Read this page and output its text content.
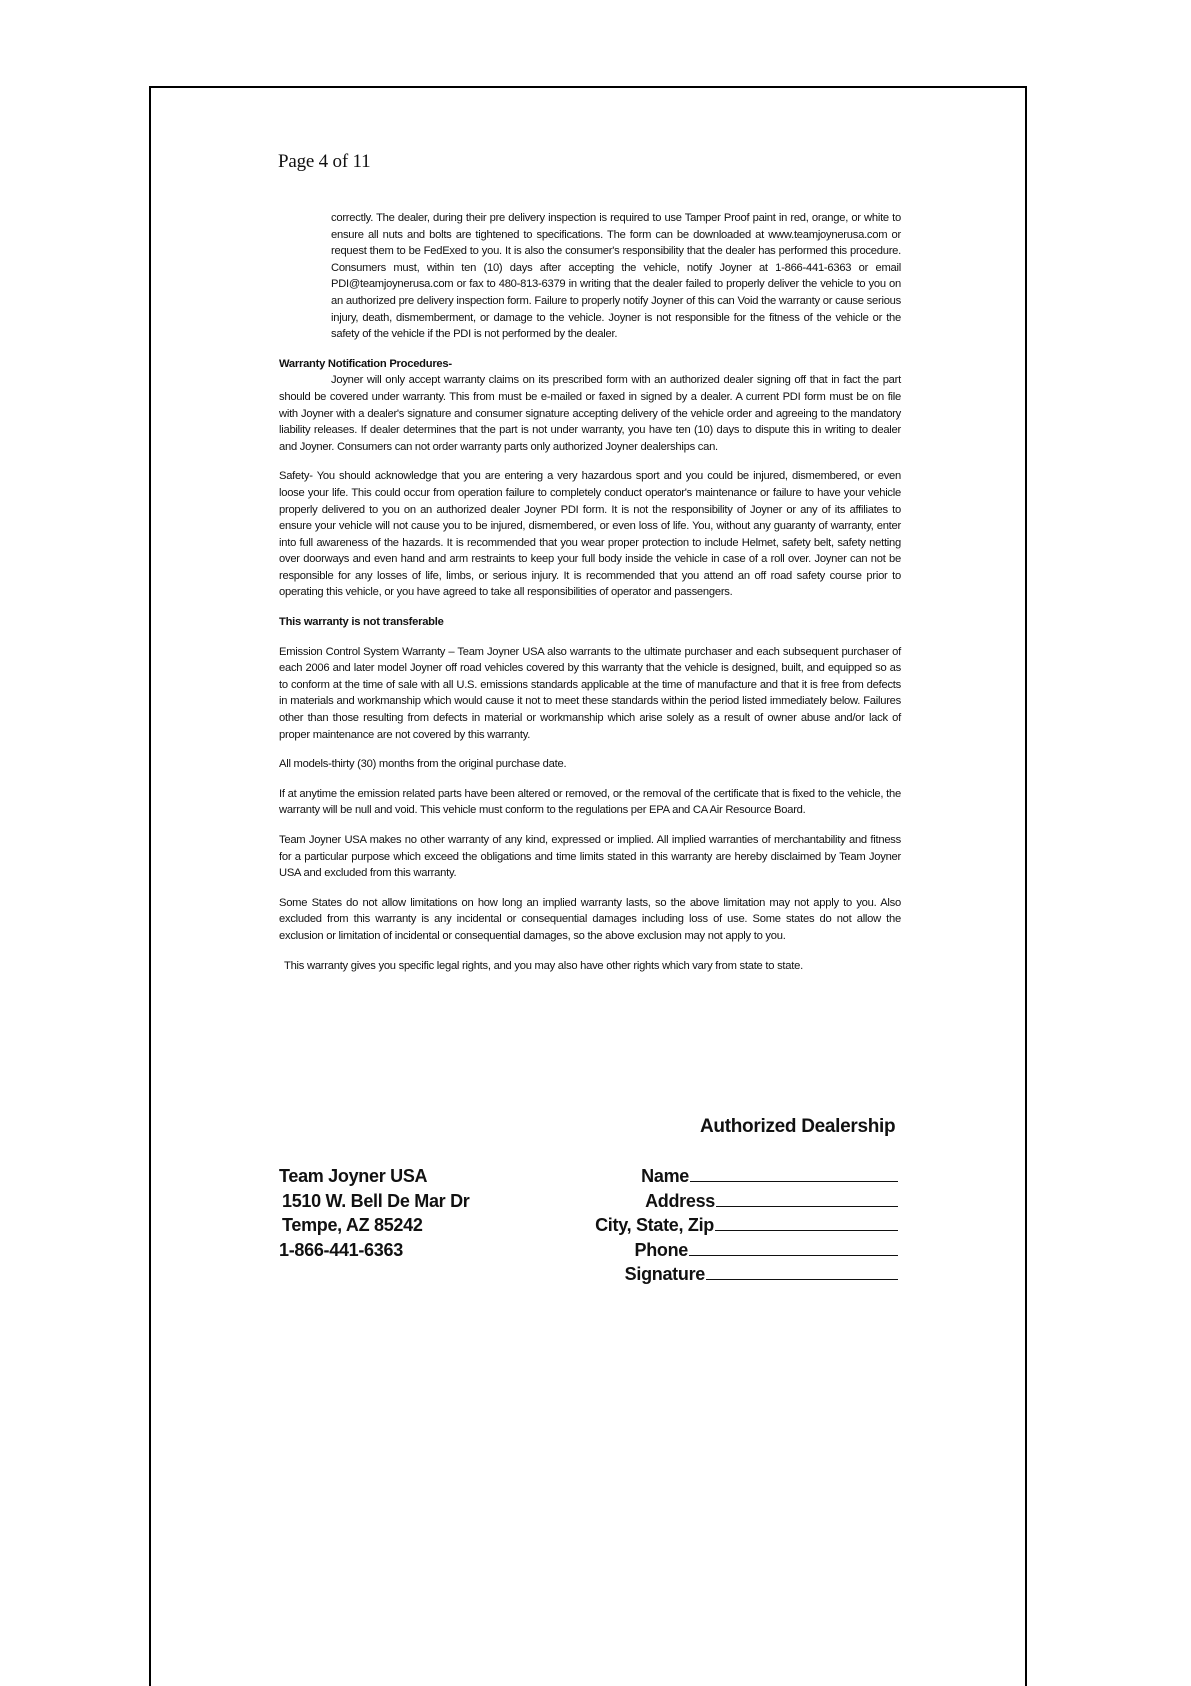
Page 4 of 11

correctly. The dealer, during their pre delivery inspection is required to use Tamper Proof paint in red, orange, or white to ensure all nuts and bolts are tightened to specifications. The form can be downloaded at www.teamjoynerusa.com or request them to be FedExed to you. It is also the consumer's responsibility that the dealer has performed this procedure. Consumers must, within ten (10) days after accepting the vehicle, notify Joyner at 1-866-441-6363 or email PDI@teamjoynerusa.com or fax to 480-813-6379 in writing that the dealer failed to properly deliver the vehicle to you on an authorized pre delivery inspection form. Failure to properly notify Joyner of this can Void the warranty or cause serious injury, death, dismemberment, or damage to the vehicle. Joyner is not responsible for the fitness of the vehicle or the safety of the vehicle if the PDI is not performed by the dealer.

Warranty Notification Procedures-
Joyner will only accept warranty claims on its prescribed form with an authorized dealer signing off that in fact the part should be covered under warranty. This from must be e-mailed or faxed in signed by a dealer. A current PDI form must be on file with Joyner with a dealer's signature and consumer signature accepting delivery of the vehicle order and agreeing to the mandatory liability releases. If dealer determines that the part is not under warranty, you have ten (10) days to dispute this in writing to dealer and Joyner. Consumers can not order warranty parts only authorized Joyner dealerships can.

Safety- You should acknowledge that you are entering a very hazardous sport and you could be injured, dismembered, or even loose your life. This could occur from operation failure to completely conduct operator's maintenance or failure to have your vehicle properly delivered to you on an authorized dealer Joyner PDI form. It is not the responsibility of Joyner or any of its affiliates to ensure your vehicle will not cause you to be injured, dismembered, or even loss of life. You, without any guaranty of warranty, enter into full awareness of the hazards. It is recommended that you wear proper protection to include Helmet, safety belt, safety netting over doorways and even hand and arm restraints to keep your full body inside the vehicle in case of a roll over. Joyner can not be responsible for any losses of life, limbs, or serious injury. It is recommended that you attend an off road safety course prior to operating this vehicle, or you have agreed to take all responsibilities of operator and passengers.

This warranty is not transferable

Emission Control System Warranty – Team Joyner USA also warrants to the ultimate purchaser and each subsequent purchaser of each 2006 and later model Joyner off road vehicles covered by this warranty that the vehicle is designed, built, and equipped so as to conform at the time of sale with all U.S. emissions standards applicable at the time of manufacture and that it is free from defects in materials and workmanship which would cause it not to meet these standards within the period listed immediately below. Failures other than those resulting from defects in material or workmanship which arise solely as a result of owner abuse and/or lack of proper maintenance are not covered by this warranty.

All models-thirty (30) months from the original purchase date.

If at anytime the emission related parts have been altered or removed, or the removal of the certificate that is fixed to the vehicle, the warranty will be null and void. This vehicle must conform to the regulations per EPA and CA Air Resource Board.

Team Joyner USA makes no other warranty of any kind, expressed or implied. All implied warranties of merchantability and fitness for a particular purpose which exceed the obligations and time limits stated in this warranty are hereby disclaimed by Team Joyner USA and excluded from this warranty.

Some States do not allow limitations on how long an implied warranty lasts, so the above limitation may not apply to you. Also excluded from this warranty is any incidental or consequential damages including loss of use. Some states do not allow the exclusion or limitation of incidental or consequential damages, so the above exclusion may not apply to you.

This warranty gives you specific legal rights, and you may also have other rights which vary from state to state.

Authorized Dealership
Team Joyner USA
1510 W. Bell De Mar Dr
Tempe, AZ 85242
1-866-441-6363
Name
Address
City, State, Zip
Phone
Signature
